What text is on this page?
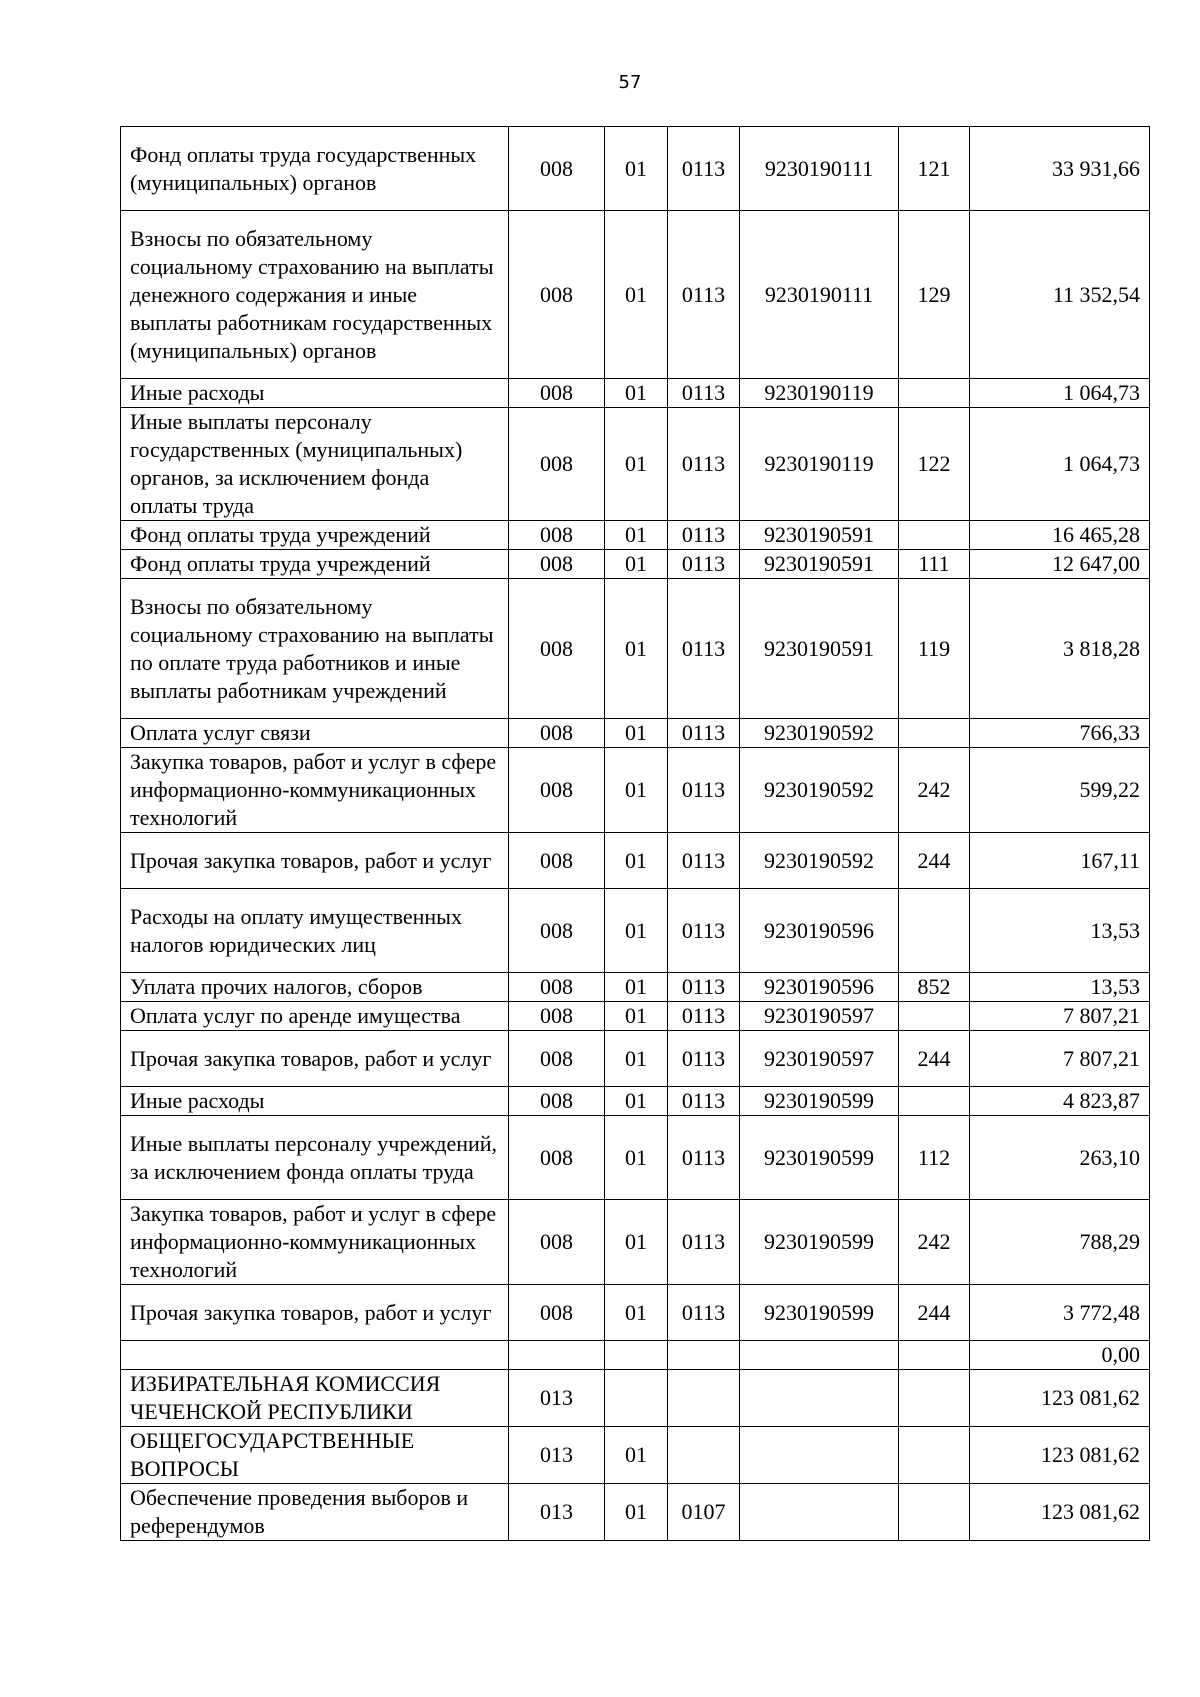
57
Фонд оплаты труда государственных (муниципальных) органов	008	01	0113	9230190111	121	33 931,66
Взносы по обязательному социальному страхованию на выплаты денежного содержания и иные выплаты работникам государственных (муниципальных) органов	008	01	0113	9230190111	129	11 352,54
Иные расходы	008	01	0113	9230190119		1 064,73
Иные выплаты персоналу государственных (муниципальных) органов, за исключением фонда оплаты труда	008	01	0113	9230190119	122	1 064,73
Фонд оплаты труда учреждений	008	01	0113	9230190591		16 465,28
Фонд оплаты труда учреждений	008	01	0113	9230190591	111	12 647,00
Взносы по обязательному социальному страхованию на выплаты по оплате труда работников и иные выплаты работникам учреждений	008	01	0113	9230190591	119	3 818,28
Оплата услуг связи	008	01	0113	9230190592		766,33
Закупка товаров, работ и услуг в сфере информационно-коммуникационных технологий	008	01	0113	9230190592	242	599,22
Прочая закупка товаров, работ и услуг	008	01	0113	9230190592	244	167,11
Расходы на оплату имущественных налогов юридических лиц	008	01	0113	9230190596		13,53
Уплата прочих налогов, сборов	008	01	0113	9230190596	852	13,53
Оплата услуг по аренде имущества	008	01	0113	9230190597		7 807,21
Прочая закупка товаров, работ и услуг	008	01	0113	9230190597	244	7 807,21
Иные расходы	008	01	0113	9230190599		4 823,87
Иные выплаты персоналу учреждений, за исключением фонда оплаты труда	008	01	0113	9230190599	112	263,10
Закупка товаров, работ и услуг в сфере информационно-коммуникационных технологий	008	01	0113	9230190599	242	788,29
Прочая закупка товаров, работ и услуг	008	01	0113	9230190599	244	3 772,48
						0,00
ИЗБИРАТЕЛЬНАЯ КОМИССИЯ ЧЕЧЕНСКОЙ РЕСПУБЛИКИ	013					123 081,62
ОБЩЕГОСУДАРСТВЕННЫЕ ВОПРОСЫ	013	01				123 081,62
Обеспечение проведения выборов и референдумов	013	01	0107			123 081,62
